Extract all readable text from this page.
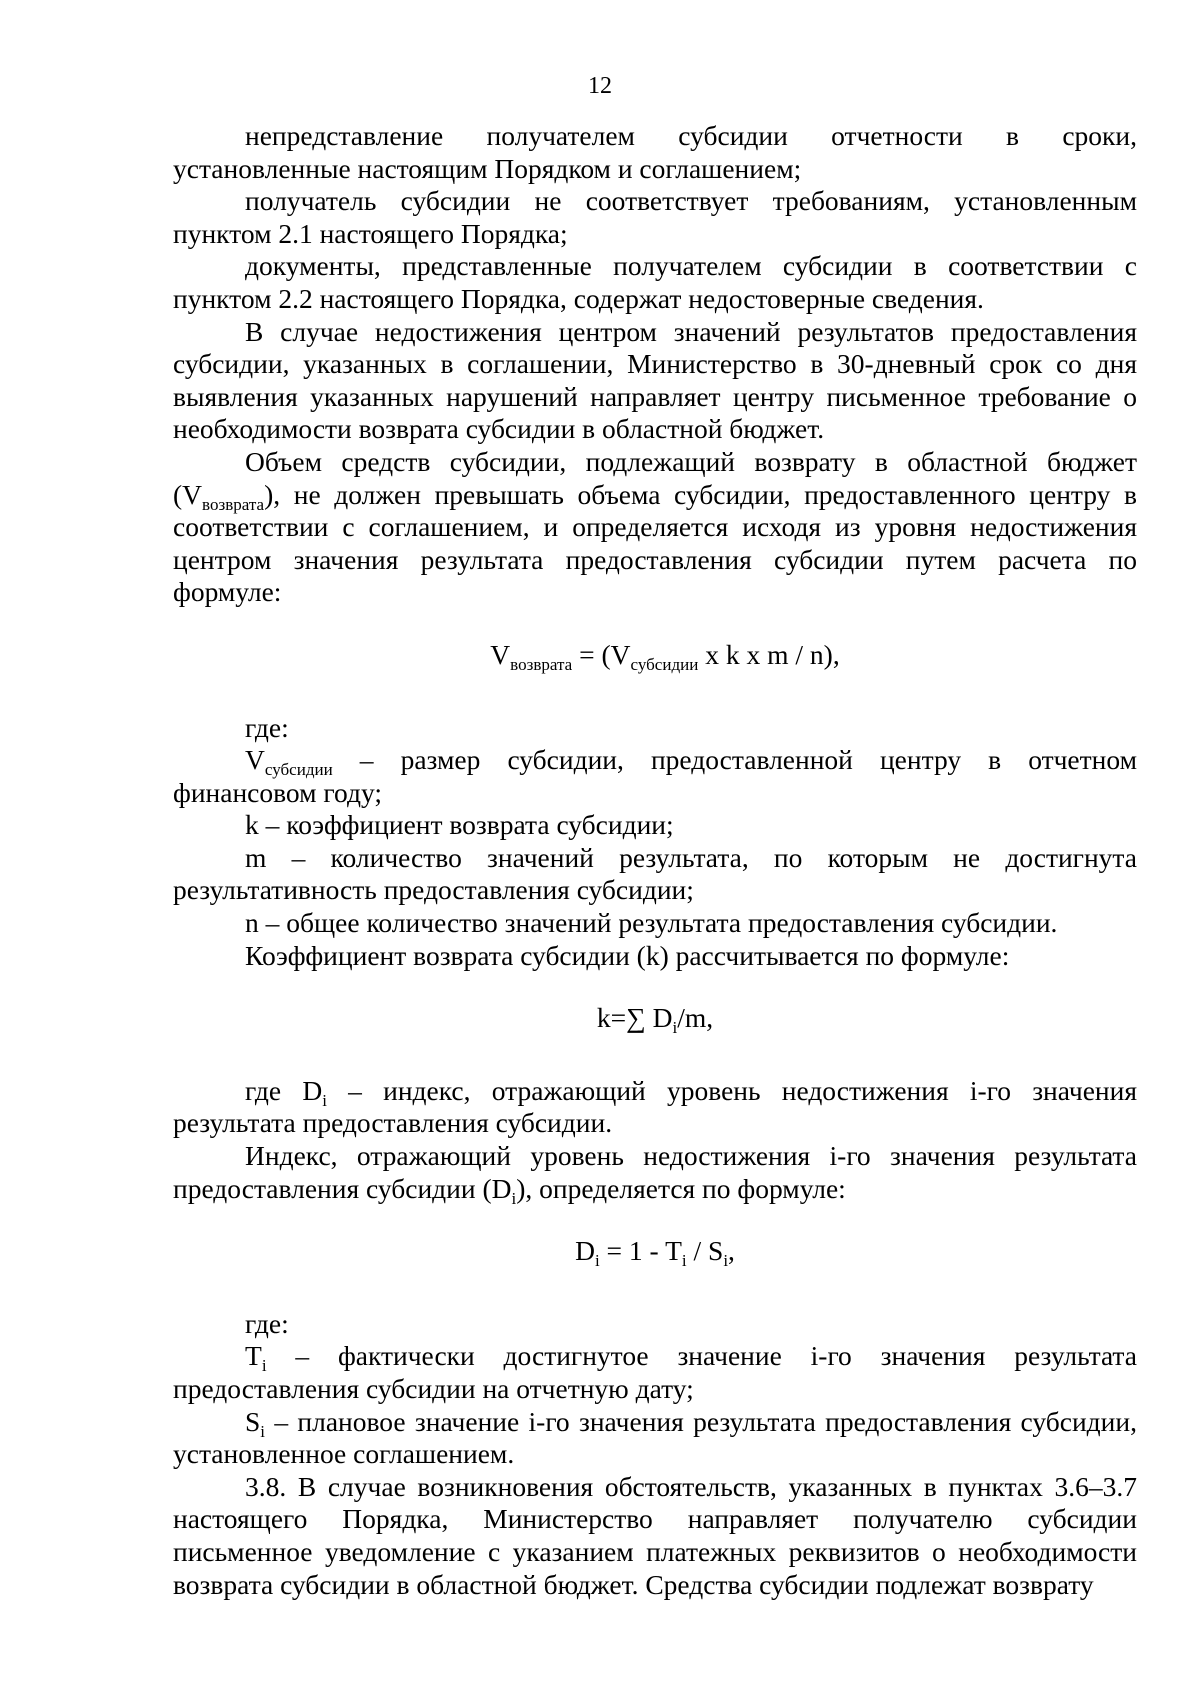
12

непредставление получателем субсидии отчетности в сроки, установленные настоящим Порядком и соглашением;

получатель субсидии не соответствует требованиям, установленным пунктом 2.1 настоящего Порядка;

документы, представленные получателем субсидии в соответствии с пунктом 2.2 настоящего Порядка, содержат недостоверные сведения.

В случае недостижения центром значений результатов предоставления субсидии, указанных в соглашении, Министерство в 30-дневный срок со дня выявления указанных нарушений направляет центру письменное требование о необходимости возврата субсидии в областной бюджет.

Объем средств субсидии, подлежащий возврату в областной бюджет $(V_{возврата})$, не должен превышать объема субсидии, предоставленного центру в соответствии с соглашением, и определяется исходя из уровня недостижения центром значения результата предоставления субсидии путем расчета по формуле:

$V_{возврата} = (V_{субсидии}$ x k x m / n),

где:

$V_{субсидии}$ – размер субсидии, предоставленной центру в отчетном финансовом году;

k – коэффициент возврата субсидии;

m – количество значений результата, по которым не достигнута результативность предоставления субсидии;

n – общее количество значений результата предоставления субсидии.

Коэффициент возврата субсидии (k) рассчитывается по формуле:

k=∑ $D_i/m$,

где $D_i$ – индекс, отражающий уровень недостижения i-го значения результата предоставления субсидии.

Индекс, отражающий уровень недостижения i-го значения результата предоставления субсидии $(D_i)$, определяется по формуле:

$D_i = 1 - T_i / S_i$,

где:

$T_i$ – фактически достигнутое значение i-го значения результата предоставления субсидии на отчетную дату;

$S_i$ – плановое значение i-го значения результата предоставления субсидии, установленное соглашением.

3.8. В случае возникновения обстоятельств, указанных в пунктах 3.6–3.7 настоящего Порядка, Министерство направляет получателю субсидии письменное уведомление с указанием платежных реквизитов о необходимости возврата субсидии в областной бюджет. Средства субсидии подлежат возврату
